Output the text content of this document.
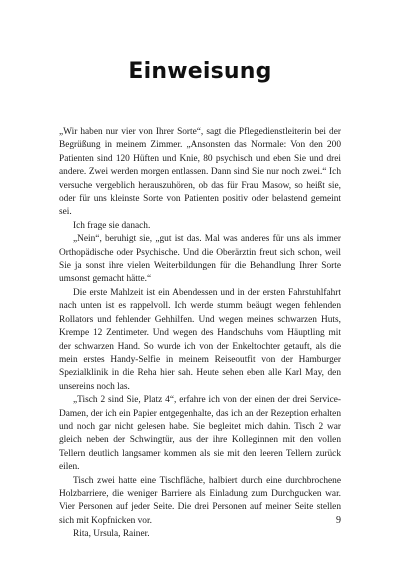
Einweisung

„Wir haben nur vier von Ihrer Sorte“, sagt die Pflegedienstleiterin bei der Begrüßung in meinem Zimmer. „Ansonsten das Normale: Von den 200 Patienten sind 120 Hüften und Knie, 80 psychisch und eben Sie und drei andere. Zwei werden morgen entlassen. Dann sind Sie nur noch zwei.“ Ich versuche vergeblich herauszuhören, ob das für Frau Masow, so heißt sie, oder für uns kleinste Sorte von Patienten positiv oder belastend gemeint sei.

Ich frage sie danach.

„Nein“, beruhigt sie, „gut ist das. Mal was anderes für uns als immer Orthopädische oder Psychische. Und die Oberärztin freut sich schon, weil Sie ja sonst ihre vielen Weiterbildungen für die Behandlung Ihrer Sorte umsonst gemacht hätte.“

Die erste Mahlzeit ist ein Abendessen und in der ersten Fahrstuhlfahrt nach unten ist es rappelvoll. Ich werde stumm beäugt wegen fehlenden Rollators und fehlender Gehhilfen. Und wegen meines schwarzen Huts, Krempe 12 Zentimeter. Und wegen des Handschuhs vom Häuptling mit der schwarzen Hand. So wurde ich von der Enkeltochter getauft, als die mein erstes Handy-Selfie in meinem Reiseoutfit von der Hamburger Spezialklinik in die Reha hier sah. Heute sehen eben alle Karl May, den unsereins noch las.

„Tisch 2 sind Sie, Platz 4“, erfahre ich von der einen der drei Service-Damen, der ich ein Papier entgegenhalte, das ich an der Rezeption erhalten und noch gar nicht gelesen habe. Sie begleitet mich dahin. Tisch 2 war gleich neben der Schwingtür, aus der ihre Kolleginnen mit den vollen Tellern deutlich langsamer kommen als sie mit den leeren Tellern zurück eilen.

Tisch zwei hatte eine Tischfläche, halbiert durch eine durchbrochene Holzbarriere, die weniger Barriere als Einladung zum Durchgucken war. Vier Personen auf jeder Seite. Die drei Personen auf meiner Seite stellen sich mit Kopfnicken vor.

Rita, Ursula, Rainer.

9
